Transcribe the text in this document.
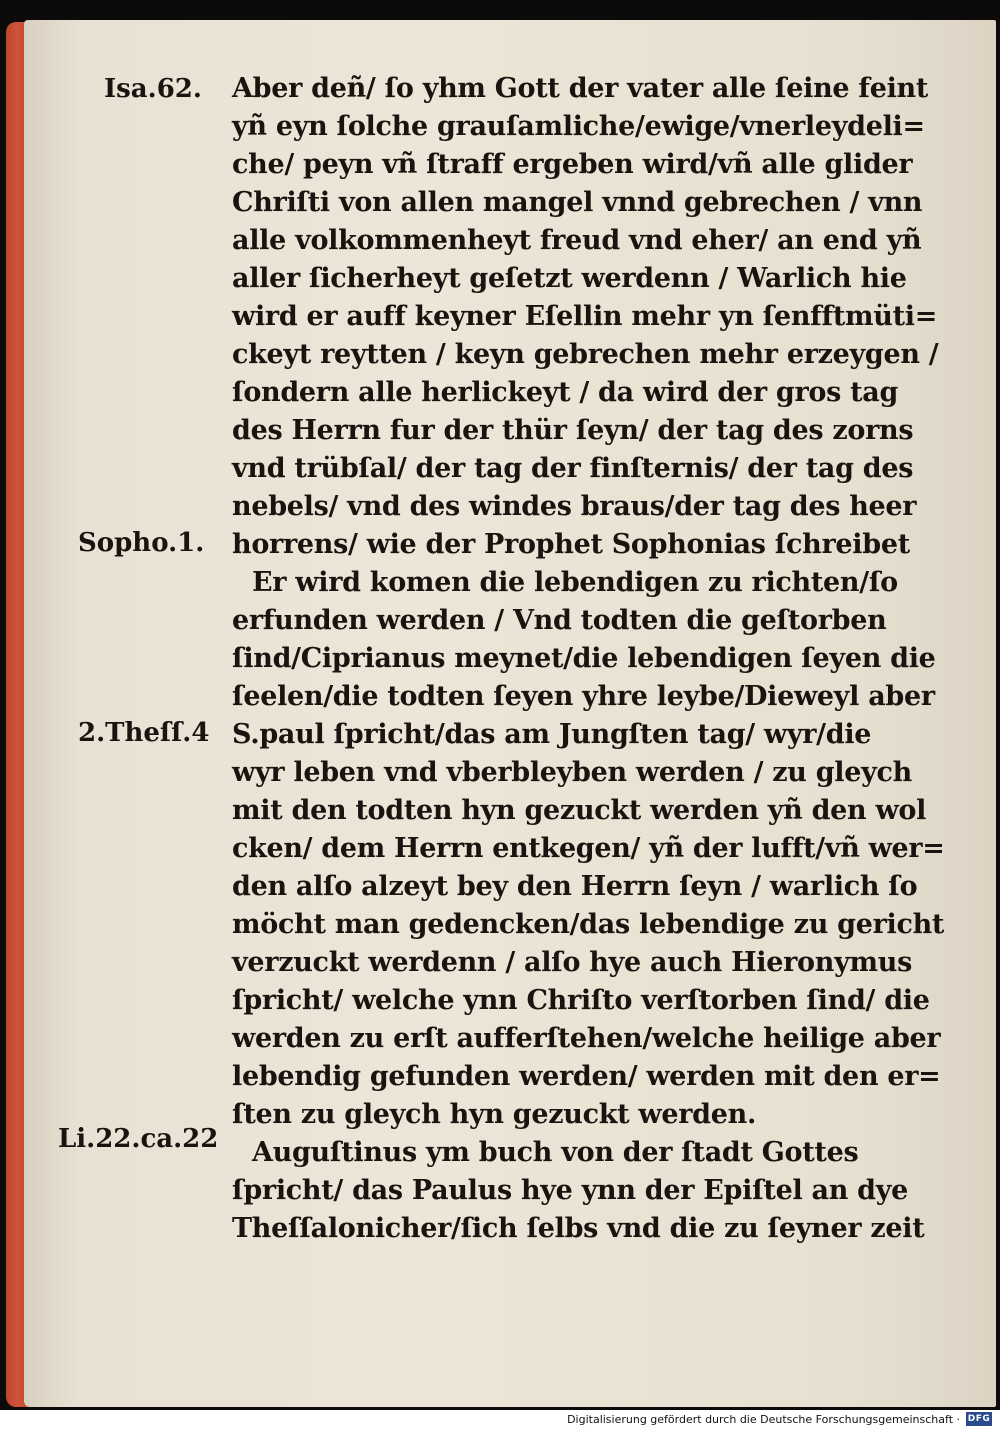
Isa.62.
Sopho.1.
2.Theſſ.4
Li.22.ca.22
Aber deñ/ ſo yhm Gott der vater alle ſeine feint
yñ eyn ſolche grauſamliche/ewige/vnerleydeli=
che/ peyn vñ ſtraff ergeben wird/vñ alle glider
Chriſti von allen mangel vnnd gebrechen / vnn
alle volkommenheyt freud vnd eher/ an end yñ
aller ſicherheyt geſetzt werdenn / Warlich hie
wird er auff keyner Eſellin mehr yn ſenfftmüti=
ckeyt reytten / keyn gebrechen mehr erzeygen /
ſondern alle herlickeyt / da wird der gros tag
des Herrn fur der thür ſeyn/ der tag des zorns
vnd trübſal/ der tag der finſternis/ der tag des
nebels/ vnd des windes braus/der tag des heer
horrens/ wie der Prophet Sophonias ſchreibet
Er wird komen die lebendigen zu richten/ſo
erfunden werden / Vnd todten die geſtorben
ſind/Ciprianus meynet/die lebendigen ſeyen die
ſeelen/die todten ſeyen yhre leybe/Dieweyl aber
S.paul ſpricht/das am Jungſten tag/ wyr/die
wyr leben vnd vberbleyben werden / zu gleych
mit den todten hyn gezuckt werden yñ den wol
cken/ dem Herrn entkegen/ yñ der lufft/vñ wer=
den alſo alzeyt bey den Herrn ſeyn / warlich ſo
möcht man gedencken/das lebendige zu gericht
verzuckt werdenn / alſo hye auch Hieronymus
ſpricht/ welche ynn Chriſto verſtorben ſind/ die
werden zu erſt aufferſtehen/welche heilige aber
lebendig gefunden werden/ werden mit den er=
ſten zu gleych hyn gezuckt werden.
Auguſtinus ym buch von der ſtadt Gottes
ſpricht/ das Paulus hye ynn der Epiſtel an dye
Theſſalonicher/ſich ſelbs vnd die zu ſeyner zeit
Digitalisierung gefördert durch die Deutsche Forschungsgemeinschaft · DFG
